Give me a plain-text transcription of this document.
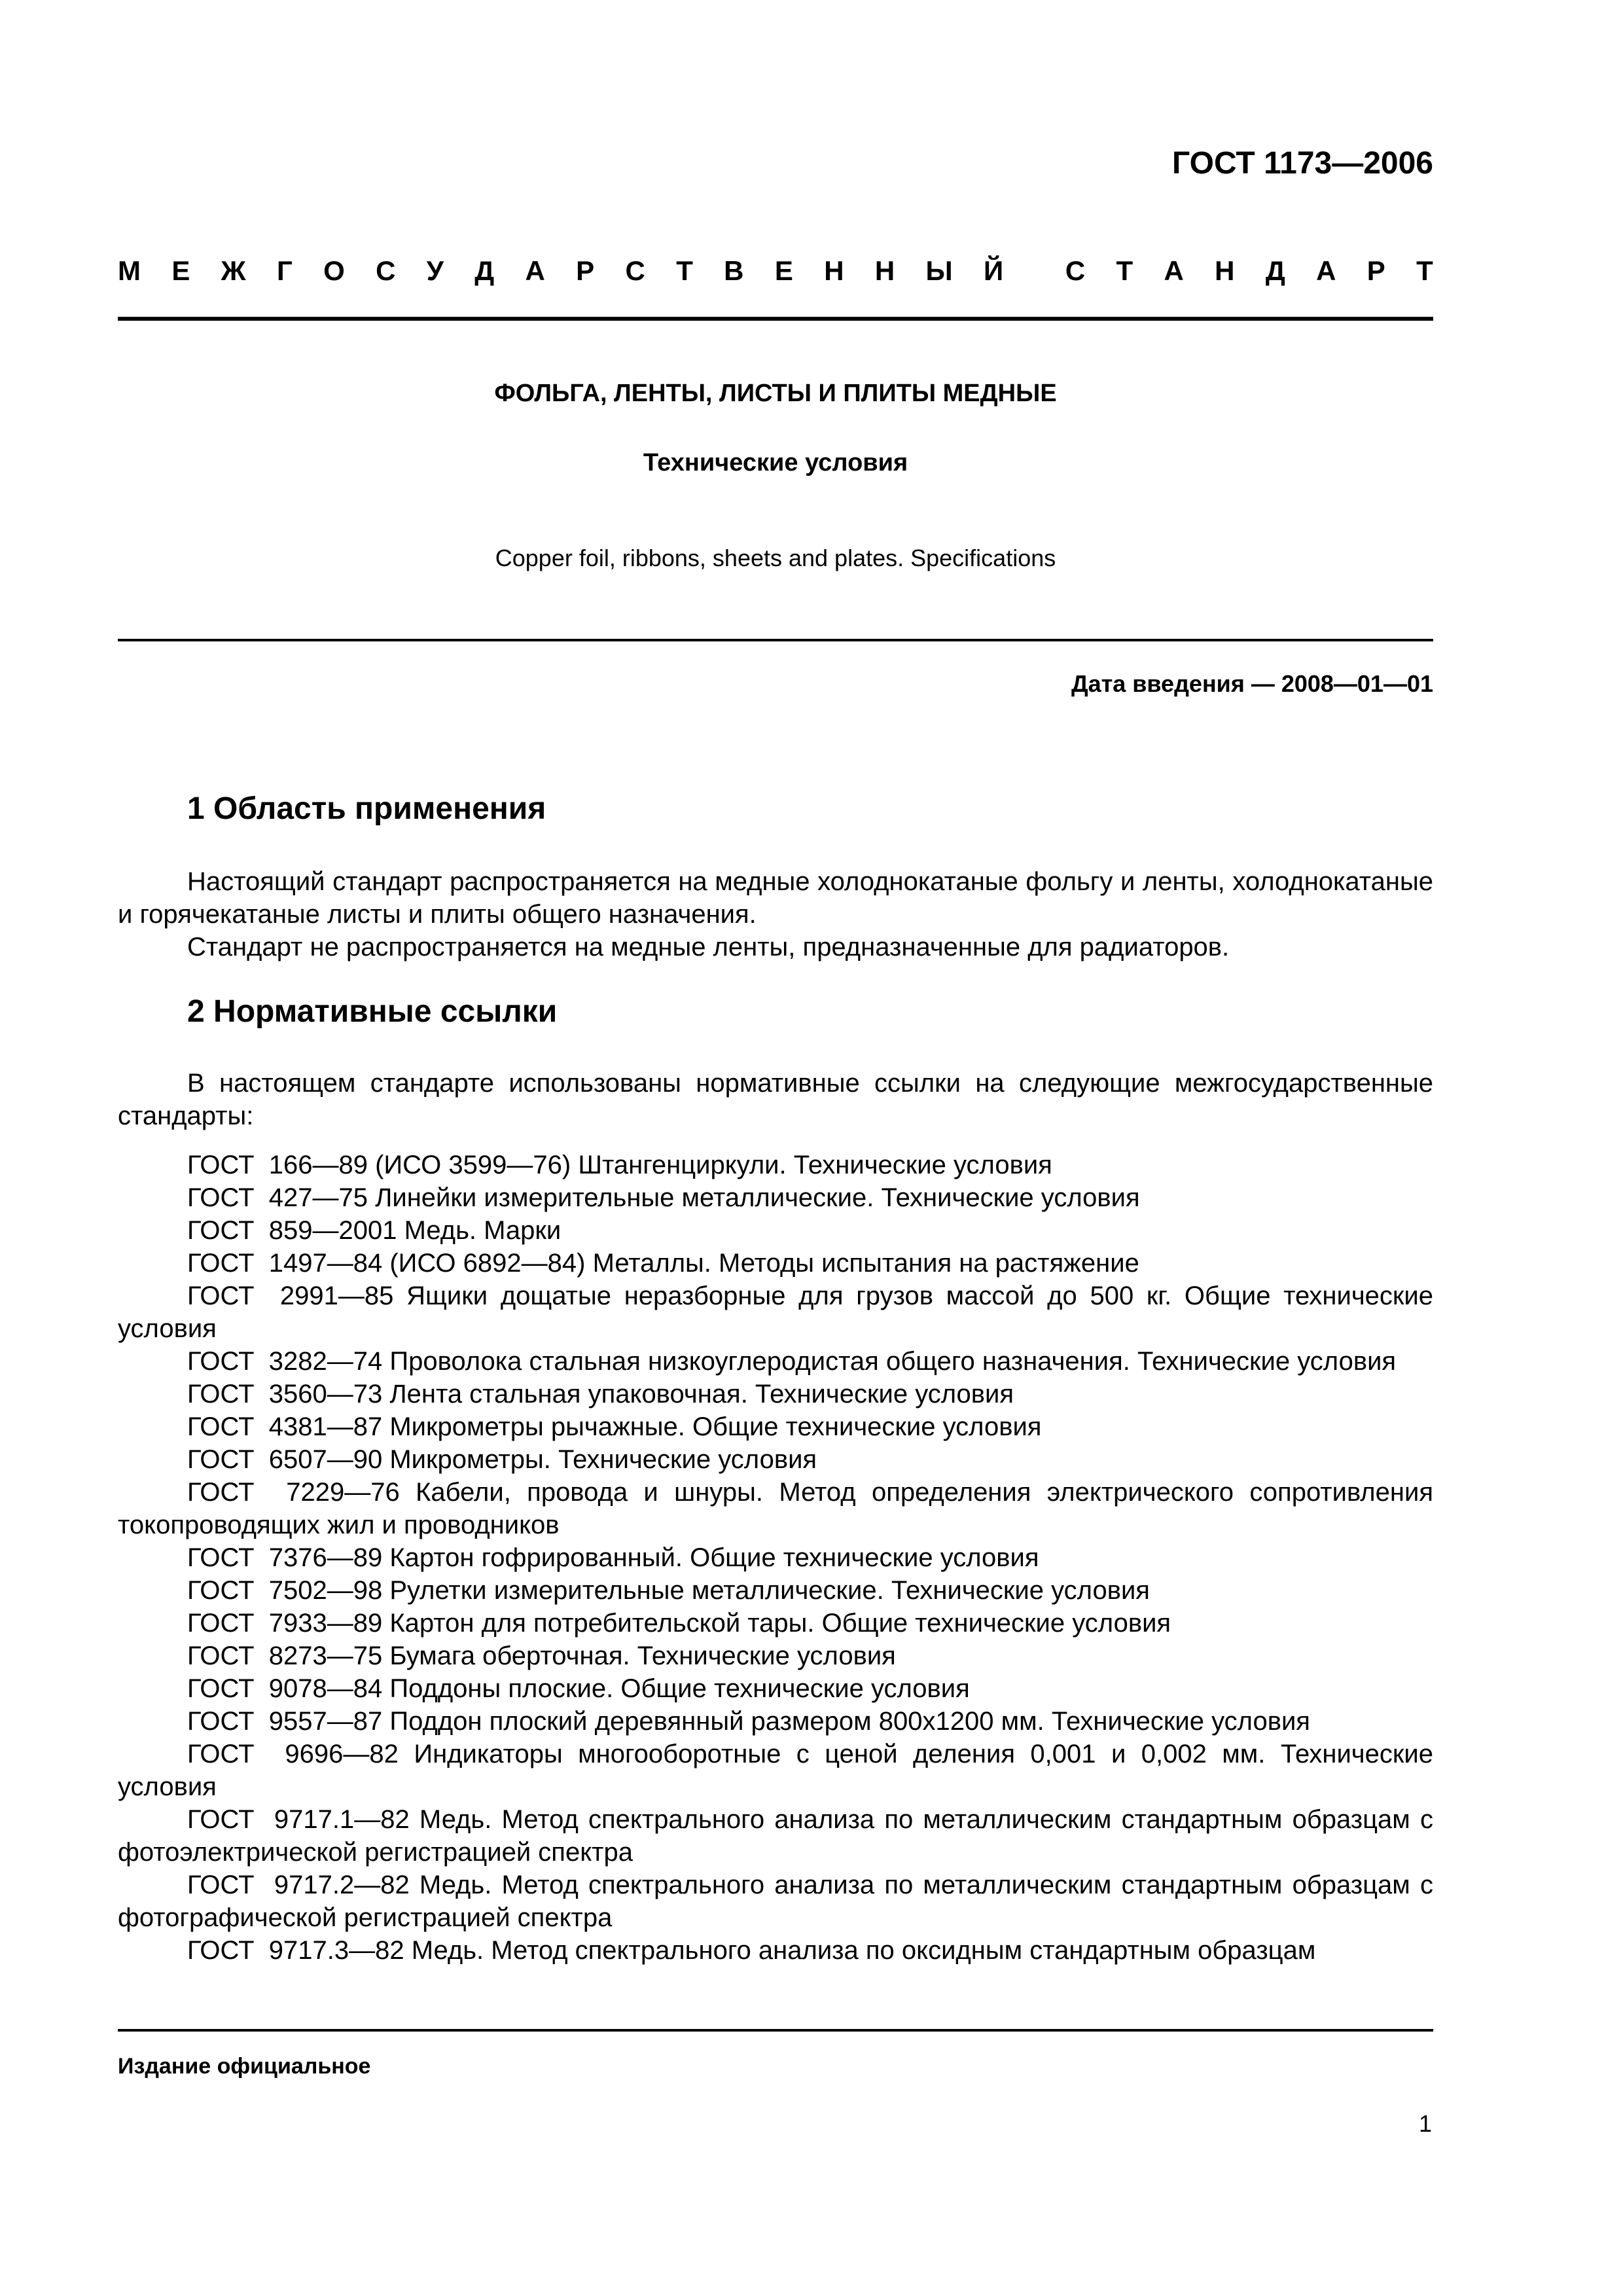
ГОСТ 1173—2006

М Е Ж Г О С У Д А Р С Т В Е Н Н Ы Й С Т А Н Д А Р Т

ФОЛЬГА, ЛЕНТЫ, ЛИСТЫ И ПЛИТЫ МЕДНЫЕ

Технические условия

Copper foil, ribbons, sheets and plates. Specifications

Дата введения — 2008—01—01

1 Область применения

Настоящий стандарт распространяется на медные холоднокатаные фольгу и ленты, холоднокатаные и горячекатаные листы и плиты общего назначения.

Стандарт не распространяется на медные ленты, предназначенные для радиаторов.

2 Нормативные ссылки

В настоящем стандарте использованы нормативные ссылки на следующие межгосударственные стандарты:

ГОСТ  166—89 (ИСО 3599—76) Штангенциркули. Технические условия

ГОСТ  427—75 Линейки измерительные металлические. Технические условия

ГОСТ  859—2001 Медь. Марки

ГОСТ  1497—84 (ИСО 6892—84) Металлы. Методы испытания на растяжение

ГОСТ  2991—85 Ящики дощатые неразборные для грузов массой до 500 кг. Общие технические условия

ГОСТ  3282—74 Проволока стальная низкоуглеродистая общего назначения. Технические условия

ГОСТ  3560—73 Лента стальная упаковочная. Технические условия

ГОСТ  4381—87 Микрометры рычажные. Общие технические условия

ГОСТ  6507—90 Микрометры. Технические условия

ГОСТ  7229—76 Кабели, провода и шнуры. Метод определения электрического сопротивления токопроводящих жил и проводников

ГОСТ  7376—89 Картон гофрированный. Общие технические условия

ГОСТ  7502—98 Рулетки измерительные металлические. Технические условия

ГОСТ  7933—89 Картон для потребительской тары. Общие технические условия

ГОСТ  8273—75 Бумага оберточная. Технические условия

ГОСТ  9078—84 Поддоны плоские. Общие технические условия

ГОСТ  9557—87 Поддон плоский деревянный размером 800х1200 мм. Технические условия

ГОСТ  9696—82 Индикаторы многооборотные с ценой деления 0,001 и 0,002 мм. Технические условия

ГОСТ  9717.1—82 Медь. Метод спектрального анализа по металлическим стандартным образцам с фотоэлектрической регистрацией спектра

ГОСТ  9717.2—82 Медь. Метод спектрального анализа по металлическим стандартным образцам с фотографической регистрацией спектра

ГОСТ  9717.3—82 Медь. Метод спектрального анализа по оксидным стандартным образцам

Издание официальное

1
